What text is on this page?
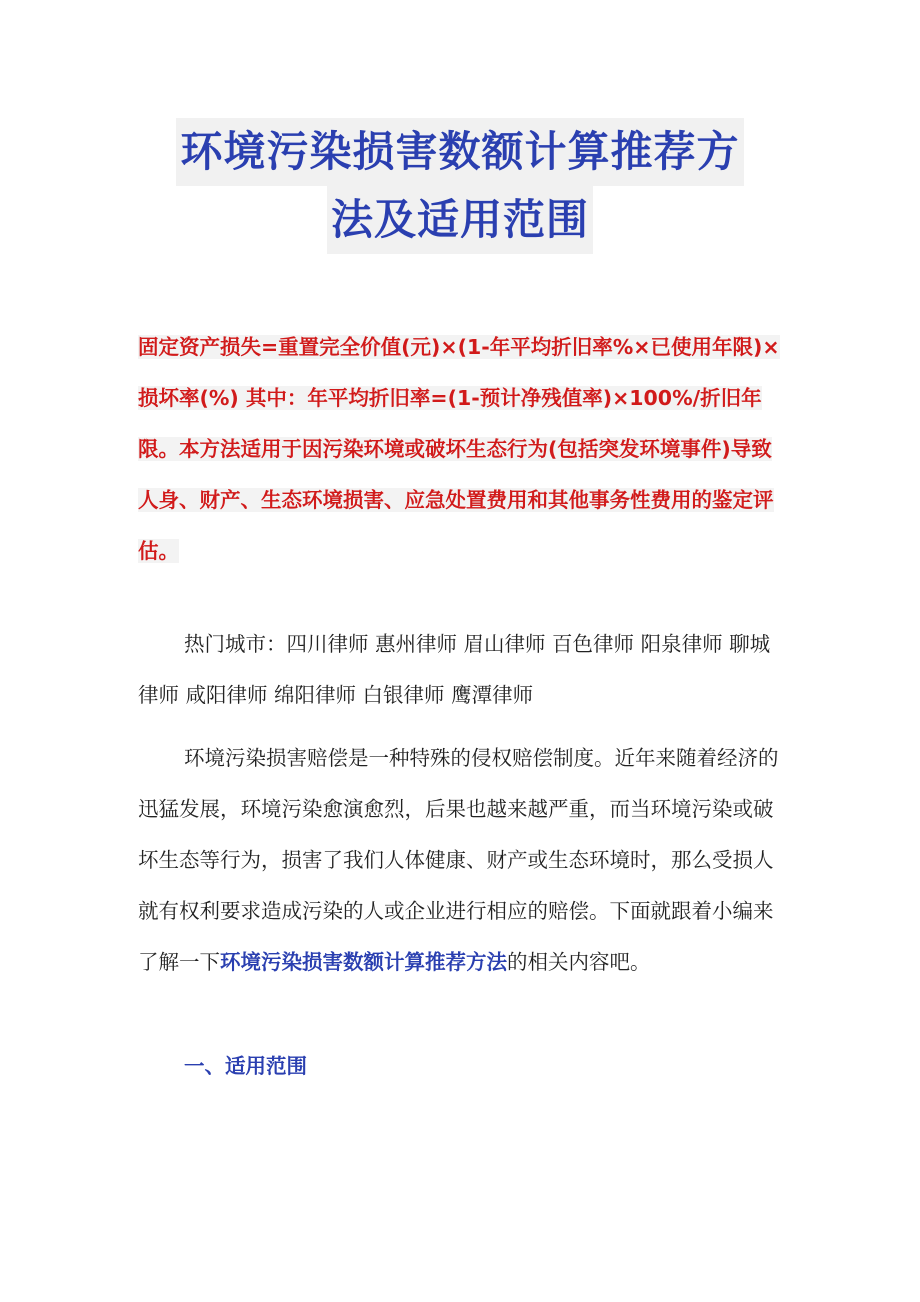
环境污染损害数额计算推荐方
法及适用范围

固定资产损失=重置完全价值(元)×(1-年平均折旧率%×已使用年限)× 损坏率(%) 其中：年平均折旧率=(1-预计净残值率)×100%/折旧年限。本方法适用于因污染环境或破坏生态行为(包括突发环境事件)导致人身、财产、生态环境损害、应急处置费用和其他事务性费用的鉴定评估。

热门城市：四川律师 惠州律师 眉山律师 百色律师 阳泉律师 聊城律师 咸阳律师 绵阳律师 白银律师 鹰潭律师

环境污染损害赔偿是一种特殊的侵权赔偿制度。近年来随着经济的迅猛发展，环境污染愈演愈烈，后果也越来越严重，而当环境污染或破坏生态等行为，损害了我们人体健康、财产或生态环境时，那么受损人就有权利要求造成污染的人或企业进行相应的赔偿。下面就跟着小编来了解一下环境污染损害数额计算推荐方法的相关内容吧。

一、适用范围
